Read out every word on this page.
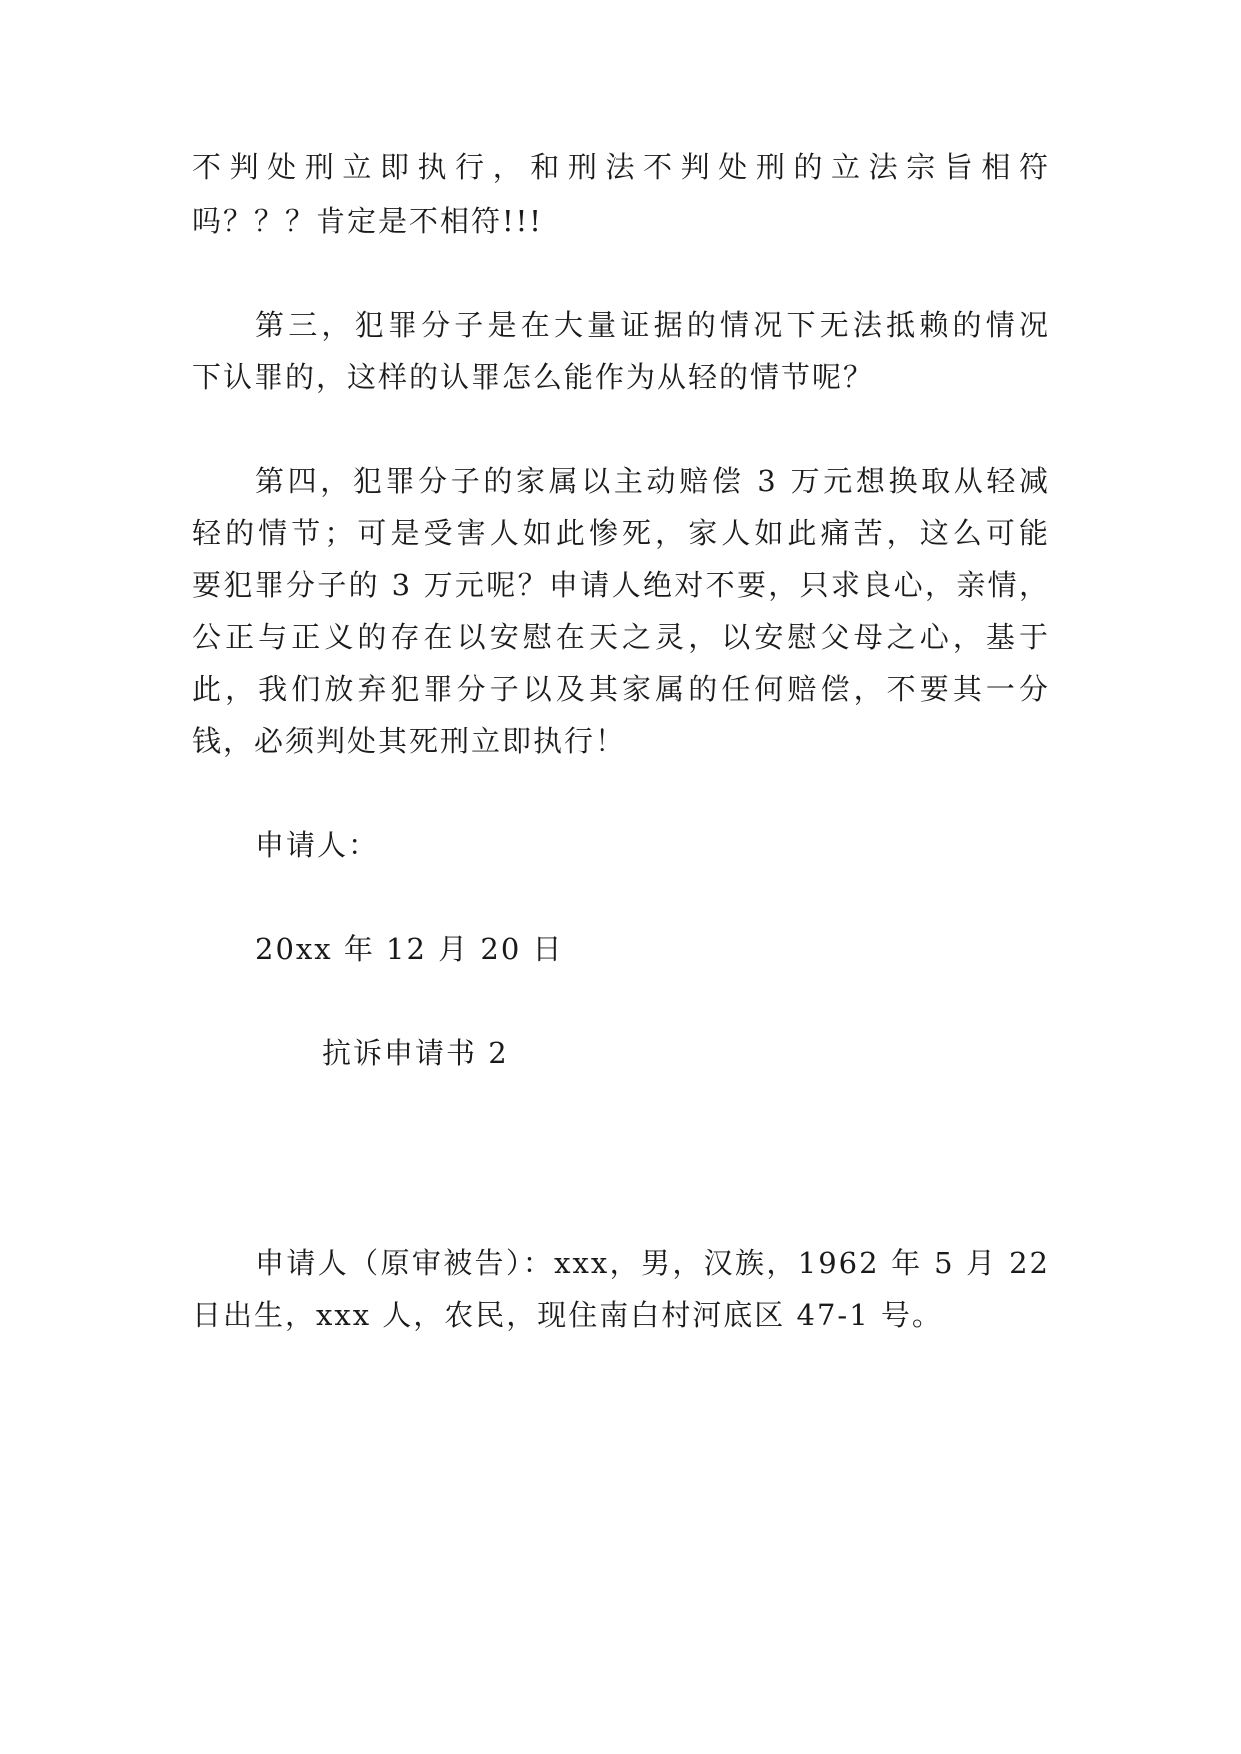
不判处刑立即执行，和刑法不判处刑的立法宗旨相符
吗？？？肯定是不相符!!!
第三，犯罪分子是在大量证据的情况下无法抵赖的情况
下认罪的，这样的认罪怎么能作为从轻的情节呢？
第四，犯罪分子的家属以主动赔偿 3 万元想换取从轻减
轻的情节；可是受害人如此惨死，家人如此痛苦，这么可能
要犯罪分子的 3 万元呢？申请人绝对不要，只求良心，亲情，
公正与正义的存在以安慰在天之灵，以安慰父母之心，基于
此，我们放弃犯罪分子以及其家属的任何赔偿，不要其一分
钱，必须判处其死刑立即执行！
申请人：
20xx 年 12 月 20 日
抗诉申请书 2
申请人（原审被告）：xxx，男，汉族，1962 年 5 月 22
日出生，xxx 人，农民，现住南白村河底区 47-1 号。
